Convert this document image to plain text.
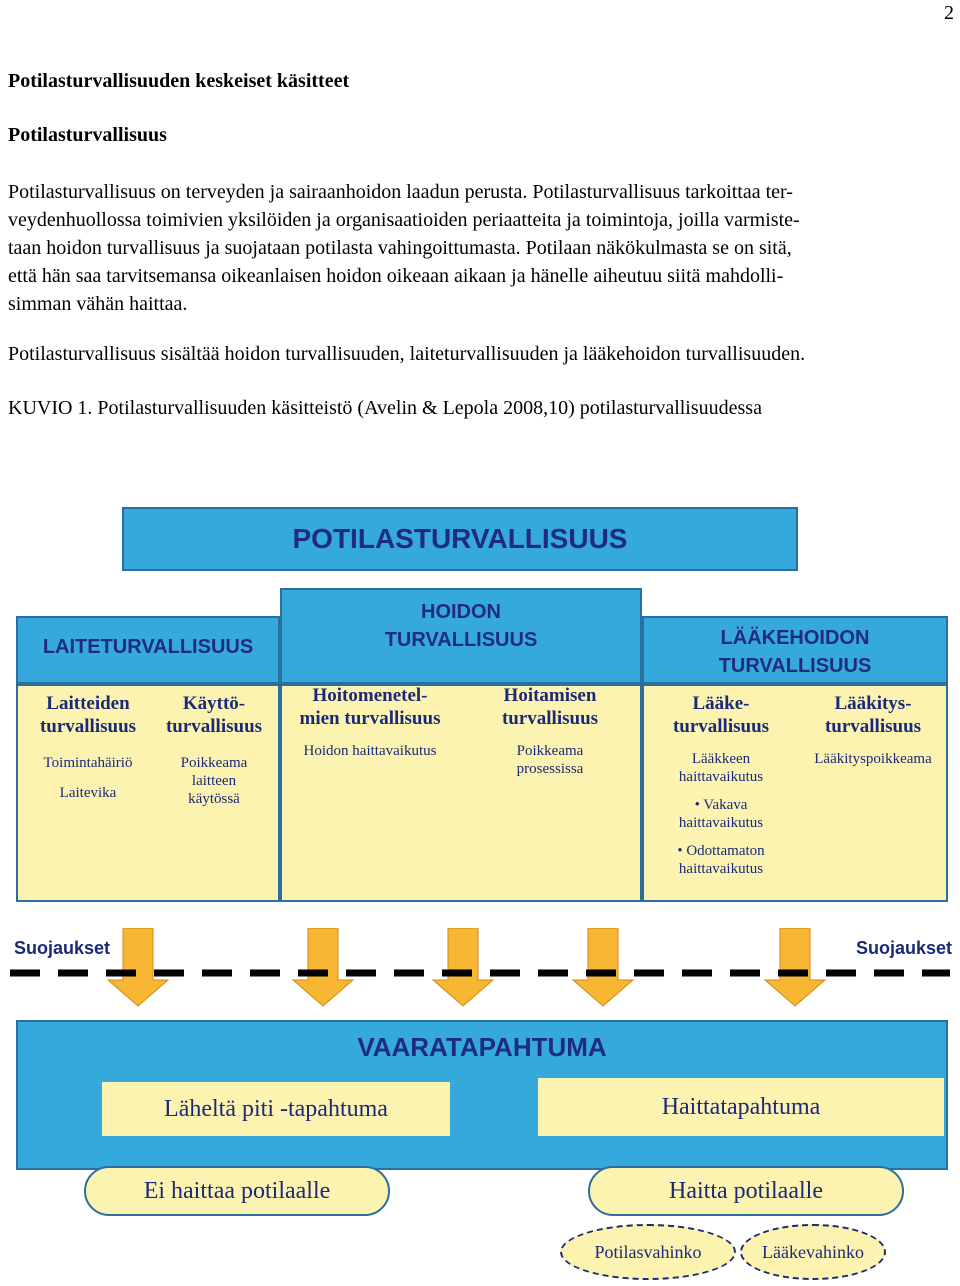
2
Potilasturvallisuuden keskeiset käsitteet
Potilasturvallisuus
Potilasturvallisuus on terveyden ja sairaanhoidon laadun perusta. Potilasturvallisuus tarkoittaa ter-
veydenhuollossa toimivien yksilöiden ja organisaatioiden periaatteita ja toimintoja, joilla varmiste-
taan hoidon turvallisuus ja suojataan potilasta vahingoittumasta. Potilaan näkökulmasta se on sitä,
että hän saa tarvitsemansa oikeanlaisen hoidon oikeaan aikaan ja hänelle aiheutuu siitä mahdolli-
simman vähän haittaa.
Potilasturvallisuus sisältää hoidon turvallisuuden, laiteturvallisuuden ja lääkehoidon turvallisuuden.
KUVIO 1. Potilasturvallisuuden käsitteistö (Avelin & Lepola 2008,10) potilasturvallisuudessa
POTILASTURVALLISUUS
LAITETURVALLISUUS
HOIDON
TURVALLISUUS	LÄÄKEHOIDON
TURVALLISUUS
Laitteiden
turvallisuus
Toimintahäiriö
Laitevika
Käyttö-
turvallisuus
Poikkeama
laitteen
käytössä
Hoitomenetel-
mien turvallisuus
Hoidon haittavaikutus
Hoitamisen
turvallisuus
Poikkeama
prosessissa
Lääke-
turvallisuus
Lääkkeen
haittavaikutus
• Vakava
haittavaikutus
• Odottamaton
haittavaikutus
Lääkitys-
turvallisuus
Lääkityspoikkeama
Suojaukset	Suojaukset
VAARATAPAHTUMA
Läheltä piti -tapahtuma	Haittatapahtuma
Ei haittaa potilaalle	Haitta potilaalle
Potilasvahinko	Lääkevahinko
